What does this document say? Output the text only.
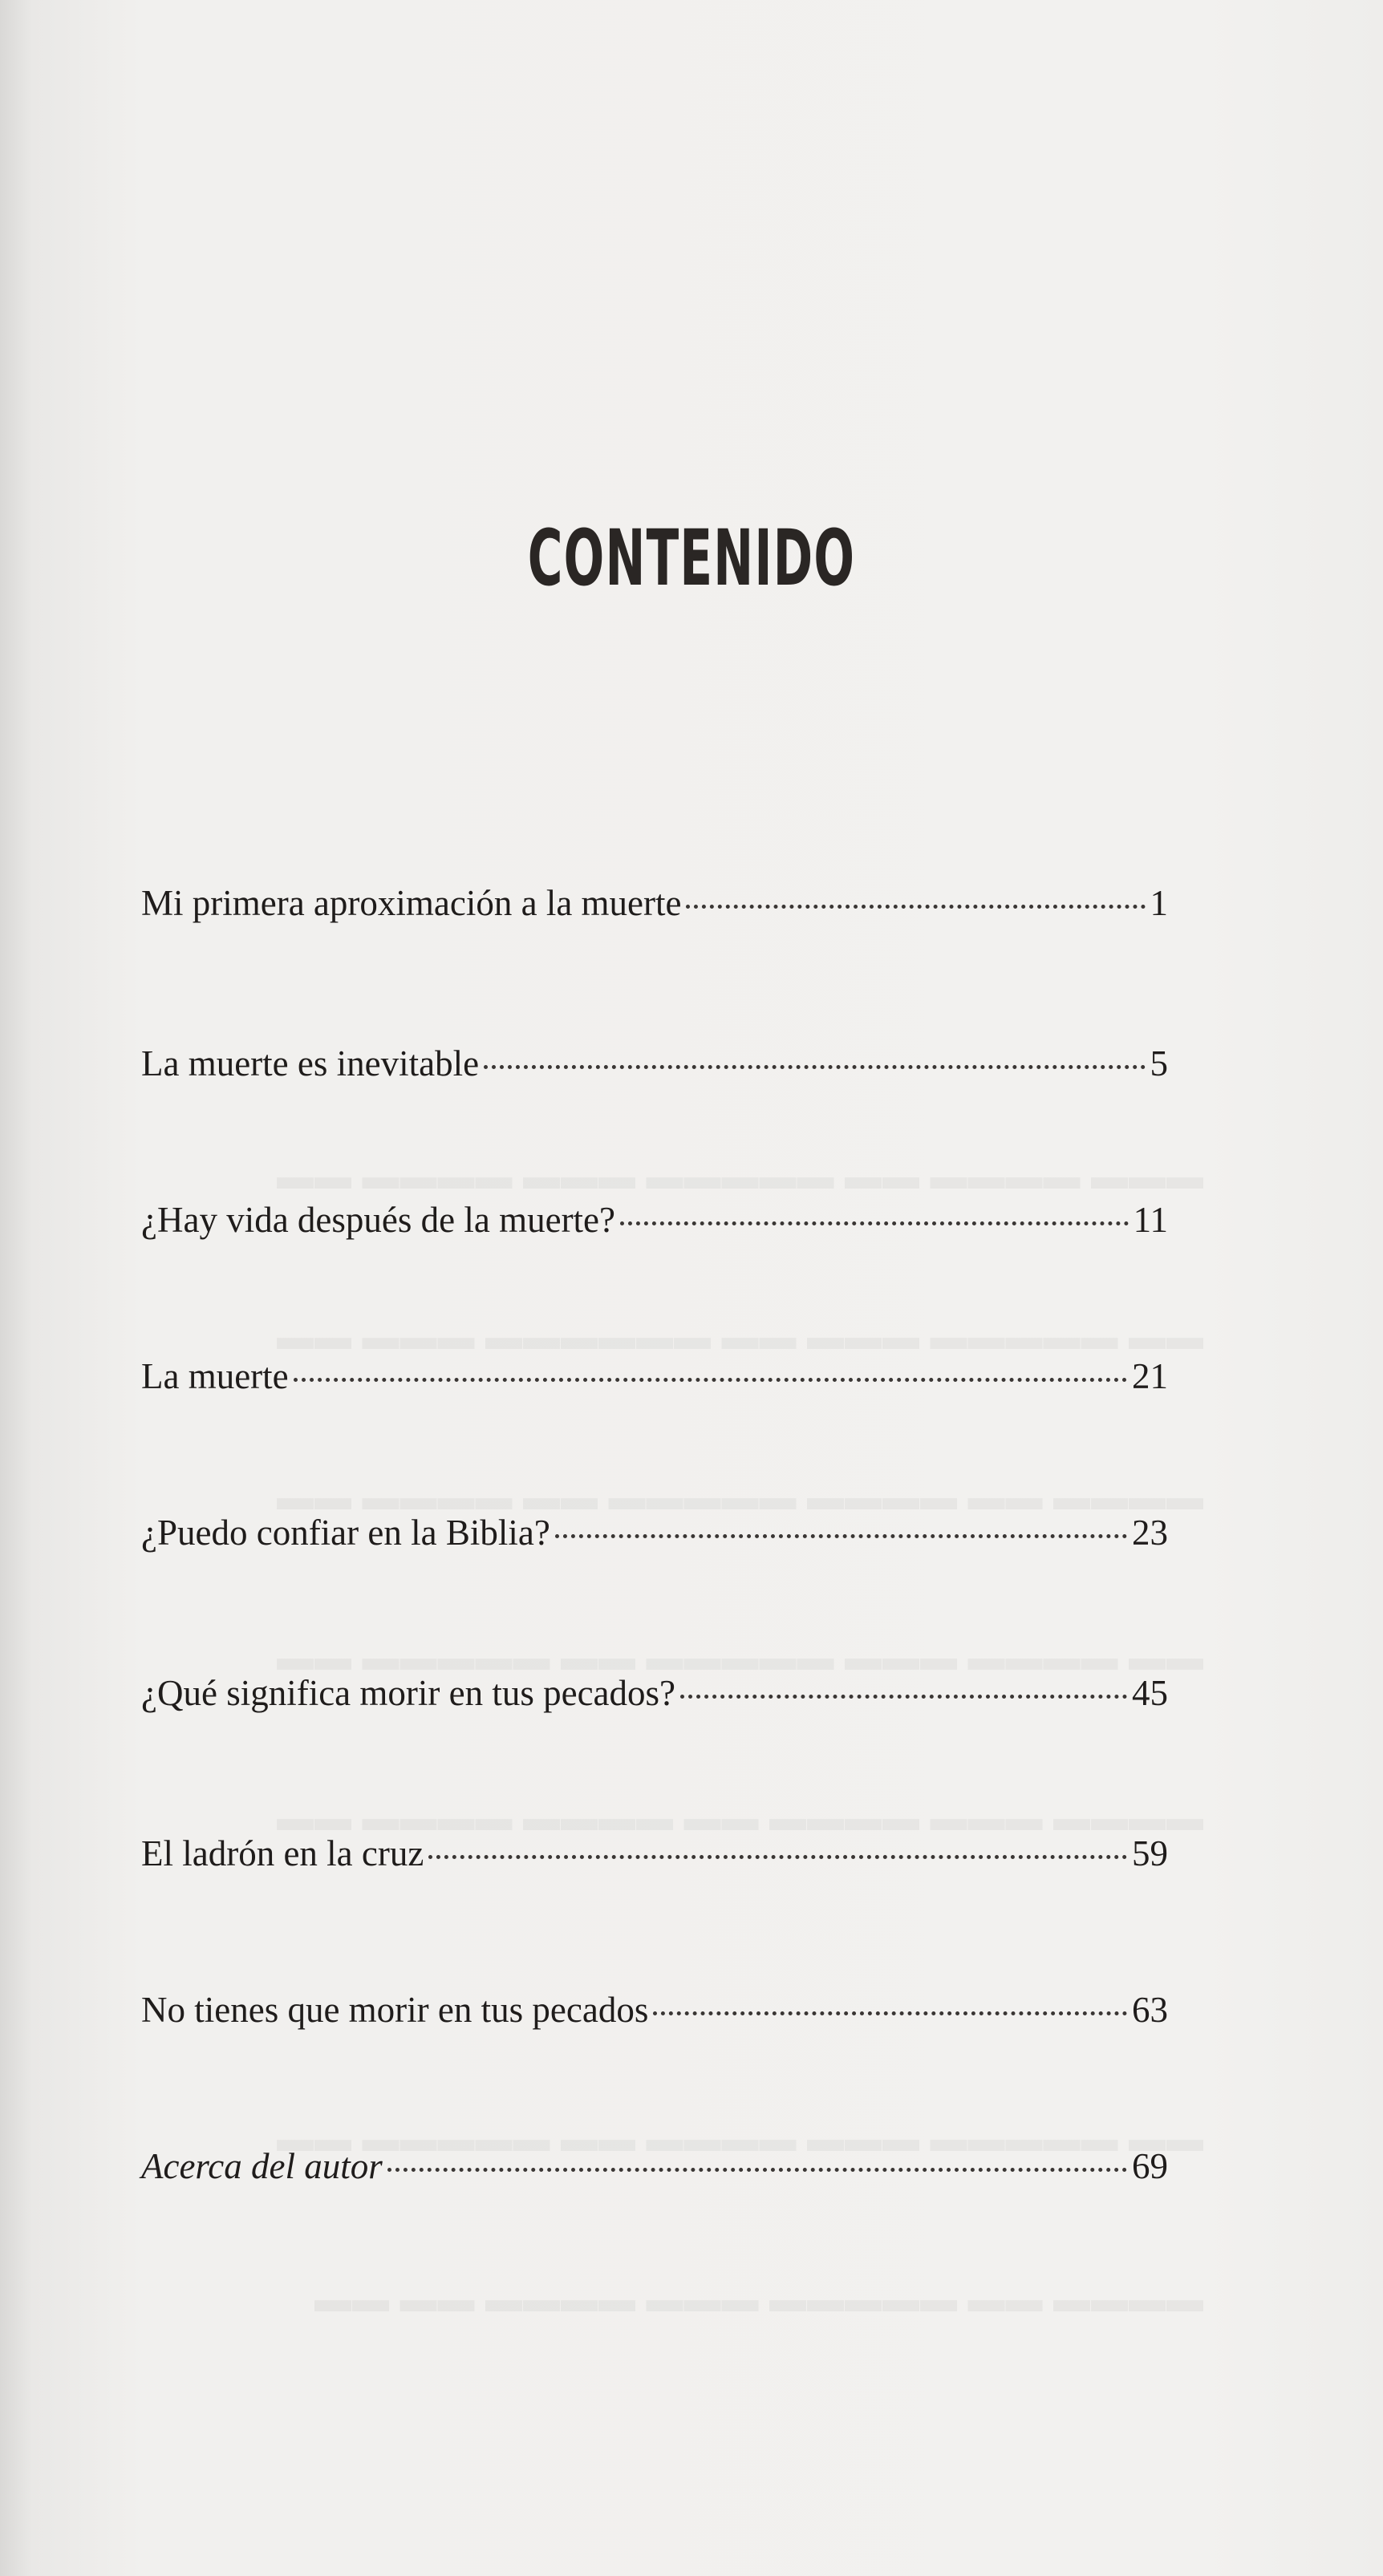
CONTENIDO
Mi primera aproximación a la muerte	1
La muerte es inevitable	5
¿Hay vida después de la muerte?	11
La muerte	21
¿Puedo confiar en la Biblia?	23
¿Qué significa morir en tus pecados?	45
El ladrón en la cruz	59
No tienes que morir en tus pecados	63
Acerca del autor	69
